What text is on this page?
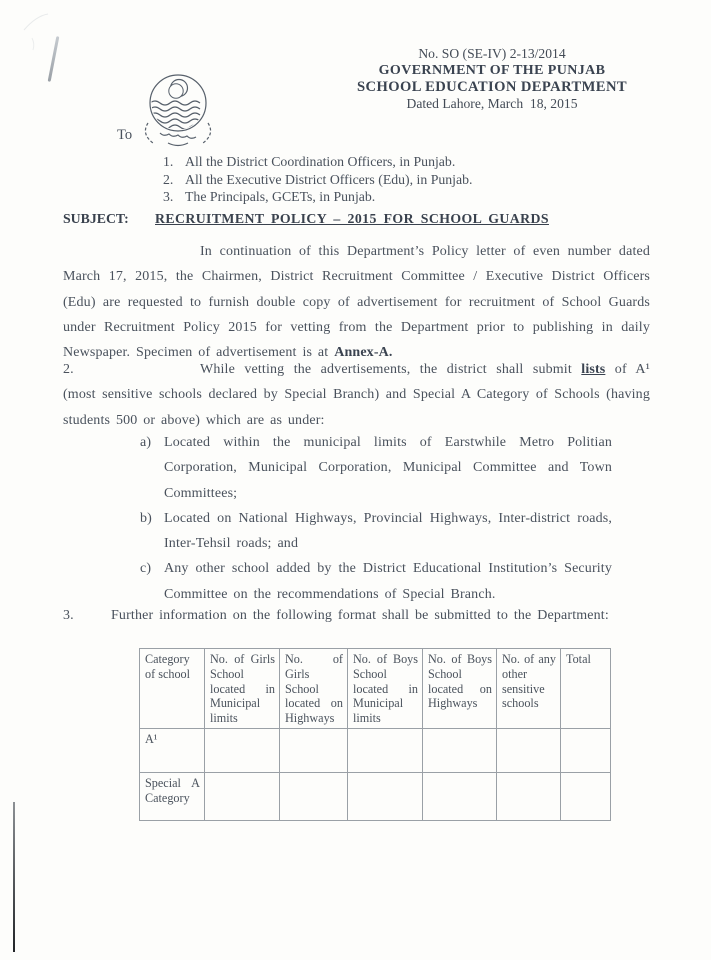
No. SO (SE-IV) 2-13/2014
GOVERNMENT OF THE PUNJAB
SCHOOL EDUCATION DEPARTMENT
Dated Lahore, March  18, 2015
To
1. All the District Coordination Officers, in Punjab.
2. All the Executive District Officers (Edu), in Punjab.
3. The Principals, GCETs, in Punjab.
SUBJECT: RECRUITMENT POLICY – 2015 FOR SCHOOL GUARDS

In continuation of this Department’s Policy letter of even number dated March 17, 2015, the Chairmen, District Recruitment Committee / Executive District Officers (Edu) are requested to furnish double copy of advertisement for recruitment of School Guards under Recruitment Policy 2015 for vetting from the Department prior to publishing in daily Newspaper. Specimen of advertisement is at Annex-A.

2.	While vetting the advertisements, the district shall submit lists of A¹ (most sensitive schools declared by Special Branch) and Special A Category of Schools (having students 500 or above) which are as under:

a) Located within the municipal limits of Earstwhile Metro Politian Corporation, Municipal Corporation, Municipal Committee and Town Committees;
b) Located on National Highways, Provincial Highways, Inter-district roads, Inter-Tehsil roads; and
c) Any other school added by the District Educational Institution’s Security Committee on the recommendations of Special Branch.

3.	Further information on the following format shall be submitted to the Department:

Category of school	No. of Girls School located in Municipal limits	No. of Girls School located on Highways	No. of Boys School located in Municipal limits	No. of Boys School located on Highways	No. of any other sensitive schools	Total
A¹						
Special A Category						
